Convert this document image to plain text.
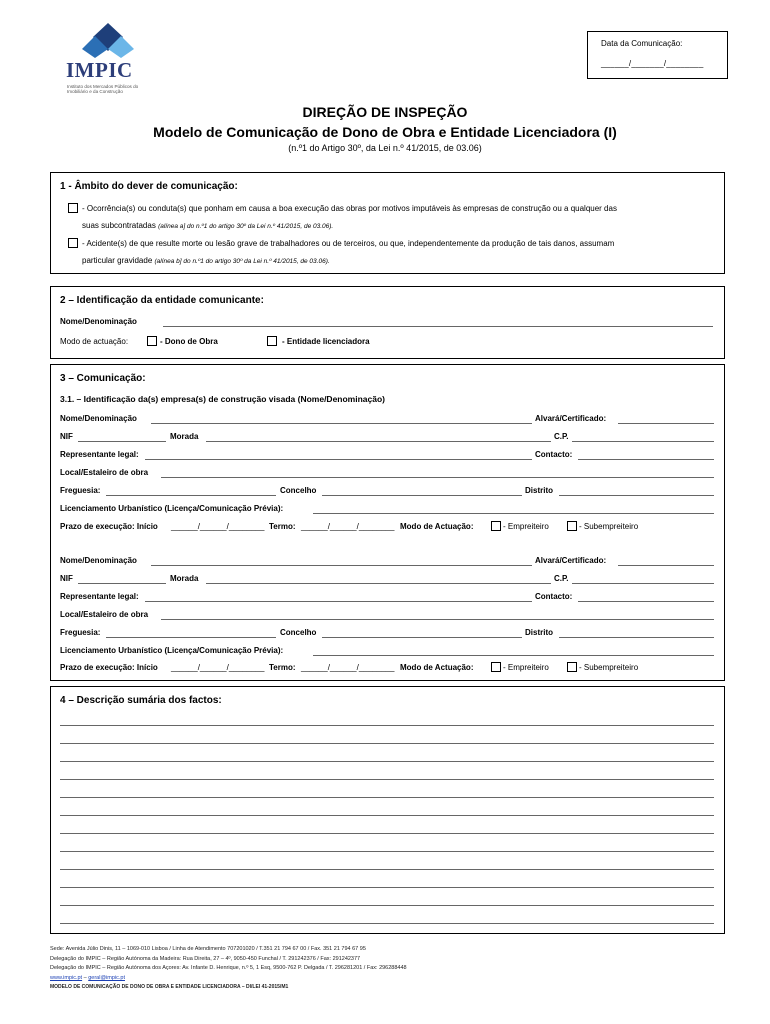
IMPIC
Instituto dos Mercados Públicos do Imobiliário e da Construção
Data da Comunicação:
______/_______/________
DIREÇÃO DE INSPEÇÃO
Modelo de Comunicação de Dono de Obra e Entidade Licenciadora (I)
(n.º1 do Artigo 30º, da Lei n.º 41/2015, de 03.06)
1 - Âmbito do dever de comunicação:
- Ocorrência(s) ou conduta(s) que ponham em causa a boa execução das obras por motivos imputáveis às empresas de construção ou a qualquer das
suas subcontratadas (alínea a] do n.º1 do artigo 30º da Lei n.º 41/2015, de 03.06).
- Acidente(s) de que resulte morte ou lesão grave de trabalhadores ou de terceiros, ou que, independentemente da produção de tais danos, assumam
particular gravidade (alínea b] do n.º1 do artigo 30º da Lei n.º 41/2015, de 03.06).
2 – Identificação da entidade comunicante:
Nome/Denominação
Modo de actuação:	- Dono de Obra	- Entidade licenciadora
3 – Comunicação:
3.1. – Identificação da(s) empresa(s) de construção visada (Nome/Denominação)
Nome/Denominação	Alvará/Certificado:
NIF	Morada	C.P.
Representante legal:	Contacto:
Local/Estaleiro de obra
Freguesia:	Concelho	Distrito
Licenciamento Urbanístico (Licença/Comunicação Prévia):
Prazo de execução: Início ______/______/________ Termo: ______/______/________ Modo de Actuação:	- Empreiteiro	- Subempreiteiro
Nome/Denominação	Alvará/Certificado:
NIF	Morada	C.P.
Representante legal:	Contacto:
Local/Estaleiro de obra
Freguesia:	Concelho	Distrito
Licenciamento Urbanístico (Licença/Comunicação Prévia):
Prazo de execução: Início ______/______/________ Termo: ______/______/________ Modo de Actuação:	- Empreiteiro	- Subempreiteiro
4 – Descrição sumária dos factos:
Sede: Avenida Júlio Dinis, 11 – 1069-010 Lisboa / Linha de Atendimento 707201020 / T.351 21 794 67 00 / Fax. 351 21 794 67 95
Delegação do IMPIC – Região Autónoma da Madeira: Rua Direita, 27 – 4º, 9050-450 Funchal / T. 291242376 / Fax: 291242377
Delegação do IMPIC – Região Autónoma dos Açores: Av. Infante D. Henrique, n.º 5, 1 Esq, 9500-762 P. Delgada / T. 296281201 / Fax: 296288448
www.impic.pt – geral@impic.pt
MODELO DE COMUNICAÇÃO DE DONO DE OBRA E ENTIDADE LICENCIADORA – DI/LEI 41-2015/M1
